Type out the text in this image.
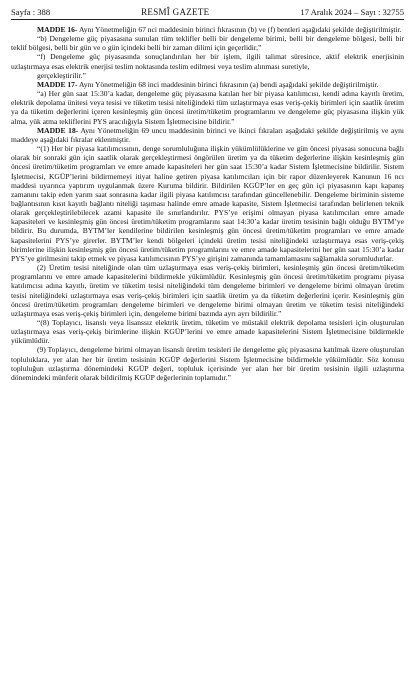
Sayfa : 388	RESMÎ GAZETE	17 Aralık 2024 – Sayı : 32755

MADDE 16- Aynı Yönetmeliğin 67 nci maddesinin birinci fıkrasının (b) ve (f) bentleri aşağıdaki şekilde değiştirilmiştir.

“b) Dengeleme güç piyasasına sunulan tüm teklifler belli bir dengeleme birimi, belli bir dengeleme bölgesi, belli bir teklif bölgesi, belli bir gün ve o gün içindeki belli bir zaman dilimi için geçerlidir,”

“f) Dengeleme güç piyasasında sonuçlandırılan her bir işlem, ilgili talimat süresince, aktif elektrik enerjisinin uzlaştırmaya esas elektrik enerjisi teslim noktasında teslim edilmesi veya teslim alınması suretiyle,

gerçekleştirilir.”

MADDE 17- Aynı Yönetmeliğin 68 inci maddesinin birinci fıkrasının (a) bendi aşağıdaki şekilde değiştirilmiştir.

“a) Her gün saat 15:30’a kadar, dengeleme güç piyasasına katılan her bir piyasa katılımcısı, kendi adına kayıtlı üretim, elektrik depolama ünitesi veya tesisi ve tüketim tesisi niteliğindeki tüm uzlaştırmaya esas veriş-çekiş birimleri için saatlik üretim ya da tüketim değerlerini içeren kesinleşmiş gün öncesi üretim/tüketim programlarını ve dengeleme güç piyasasına ilişkin yük alma, yük atma tekliflerini PYS aracılığıyla Sistem İşletmecisine bildirir.”

MADDE 18- Aynı Yönetmeliğin 69 uncu maddesinin birinci ve ikinci fıkraları aşağıdaki şekilde değiştirilmiş ve aynı maddeye aşağıdaki fıkralar eklenmiştir.

“(1) Her bir piyasa katılımcısının, denge sorumluluğuna ilişkin yükümlülüklerine ve gün öncesi piyasası sonucuna bağlı olarak bir sonraki gün için saatlik olarak gerçekleştirmesi öngörülen üretim ya da tüketim değerlerine ilişkin kesinleşmiş gün öncesi üretim/tüketim programları ve emre amade kapasiteleri her gün saat 15:30’a kadar Sistem İşletmecisine bildirilir. Sistem İşletmecisi, KGÜP’lerini bildirmemeyi itiyat haline getiren piyasa katılımcıları için bir rapor düzenleyerek Kanunun 16 ncı maddesi uyarınca yaptırım uygulanmak üzere Kuruma bildirir. Bildirilen KGÜP’ler en geç gün içi piyasasının kapı kapanış zamanını takip eden yarım saat sonrasına kadar ilgili piyasa katılımcısı tarafından güncellenebilir. Dengeleme biriminin sisteme bağlantısının kısıt kayıtlı bağlantı niteliği taşıması halinde emre amade kapasite, Sistem İşletmecisi tarafından belirlenen teknik olarak gerçekleştirilebilecek azami kapasite ile sınırlandırılır. PYS’ye erişimi olmayan piyasa katılımcıları emre amade kapasiteleri ve kesinleşmiş gün öncesi üretim/tüketim programlarını saat 14:30’a kadar üretim tesisinin bağlı olduğu BYTM’ye bildirir. Bu durumda, BYTM’ler kendilerine bildirilen kesinleşmiş gün öncesi üretim/tüketim programları ve emre amade kapasitelerini PYS’ye girerler. BYTM’ler kendi bölgeleri içindeki üretim tesisi niteliğindeki uzlaştırmaya esas veriş-çekiş birimlerine ilişkin kesinleşmiş gün öncesi üretim/tüketim programlarını ve emre amade kapasitelerini her gün saat 15:30’a kadar PYS’ye girilmesini takip etmek ve piyasa katılımcısının PYS’ye girişini zamanında tamamlamasını sağlamakla sorumludurlar.

(2) Üretim tesisi niteliğinde olan tüm uzlaştırmaya esas veriş-çekiş birimleri, kesinleşmiş gün öncesi üretim/tüketim programlarını ve emre amade kapasitelerini bildirmekle yükümlüdür. Kesinleşmiş gün öncesi üretim/tüketim programı piyasa katılımcısı adına kayıtlı, üretim ve tüketim tesisi niteliğindeki tüm dengeleme birimleri ve dengeleme birimi olmayan üretim tesisi niteliğindeki uzlaştırmaya esas veriş-çekiş birimleri için saatlik üretim ya da tüketim değerlerini içerir. Kesinleşmiş gün öncesi üretim/tüketim programları dengeleme birimleri ve dengeleme birimi olmayan üretim ve tüketim tesisi niteliğindeki uzlaştırmaya esas veriş-çekiş birimleri için, dengeleme birimi bazında ayrı ayrı bildirilir.”

“(8) Toplayıcı, lisanslı veya lisanssız elektrik üretim, tüketim ve müstakil elektrik depolama tesisleri için oluşturulan uzlaştırmaya esas veriş-çekiş birimlerine ilişkin KGÜP’lerini ve emre amade kapasitelerini Sistem İşletmecisine bildirmekle yükümlüdür.

(9) Toplayıcı, dengeleme birimi olmayan lisanslı üretim tesisleri ile dengeleme güç piyasasına katılmak üzere oluşturulan topluluklara, yer alan her bir üretim tesisinin KGÜP değerlerini Sistem İşletmecisine bildirmekle yükümlüdür. Söz konusu topluluğun uzlaştırma dönemindeki KGÜP değeri, topluluk içerisinde yer alan her bir üretim tesisinin ilgili uzlaştırma dönemindeki münferit olarak bildirilmiş KGÜP değerlerinin toplamıdır.”
